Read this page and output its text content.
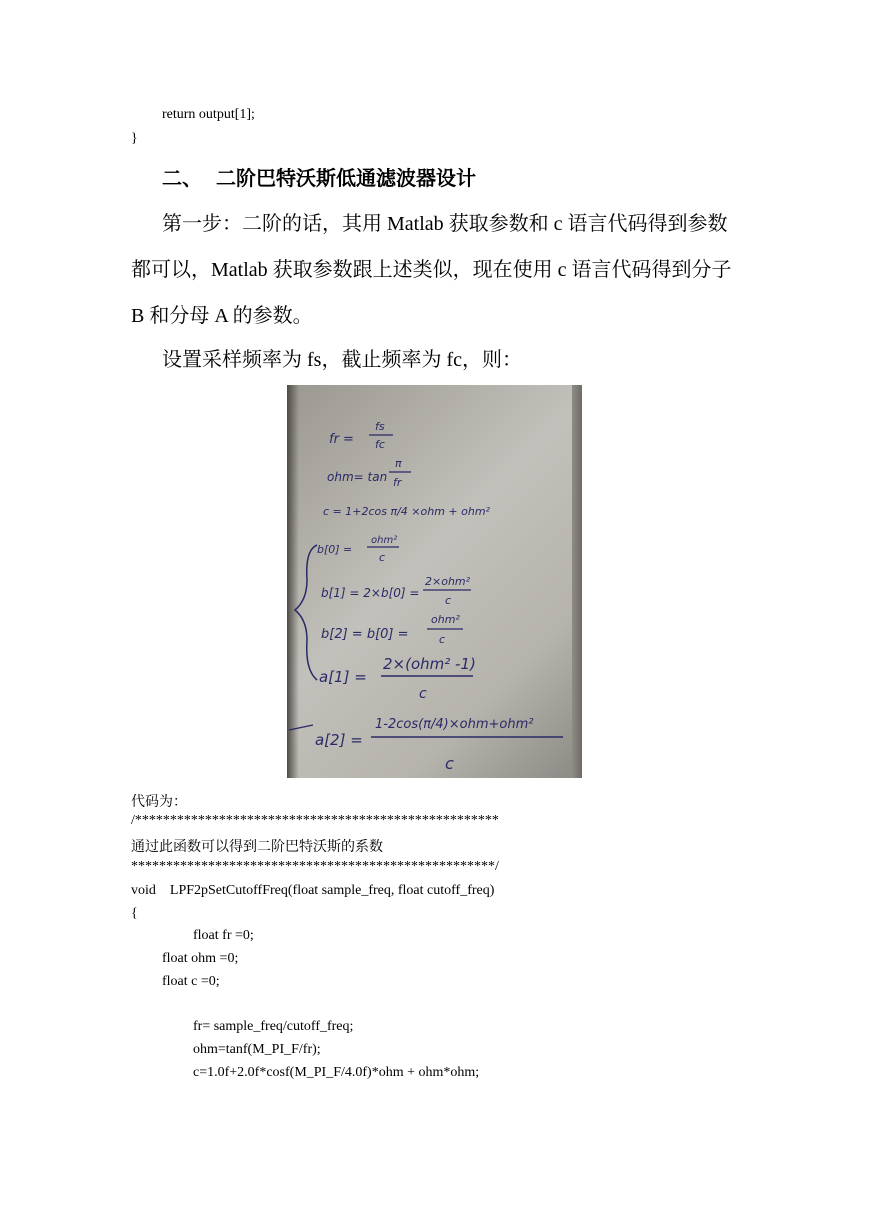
return output[1];
}
二、 二阶巴特沃斯低通滤波器设计
第一步：二阶的话，其用 Matlab 获取参数和 c 语言代码得到参数
都可以，Matlab 获取参数跟上述类似，现在使用 c 语言代码得到分子
B 和分母 A 的参数。
设置采样频率为 fs，截止频率为 fc，则：
fr =
fs
fc
ohm= tan
π
fr
c = 1+2cos π/4 ×ohm + ohm²
b[0] =
ohm²
c
b[1] = 2×b[0] =
2×ohm²
c
b[2] = b[0] =
ohm²
c
a[1] =
2×(ohm² -1)
c
a[2] =
1-2cos(π/4)×ohm+ohm²
c
代码为：
/****************************************************
通过此函数可以得到二阶巴特沃斯的系数
****************************************************/
void    LPF2pSetCutoffFreq(float sample_freq, float cutoff_freq)
{
float fr =0;
float ohm =0;
float c =0;
fr= sample_freq/cutoff_freq;
ohm=tanf(M_PI_F/fr);
c=1.0f+2.0f*cosf(M_PI_F/4.0f)*ohm + ohm*ohm;
